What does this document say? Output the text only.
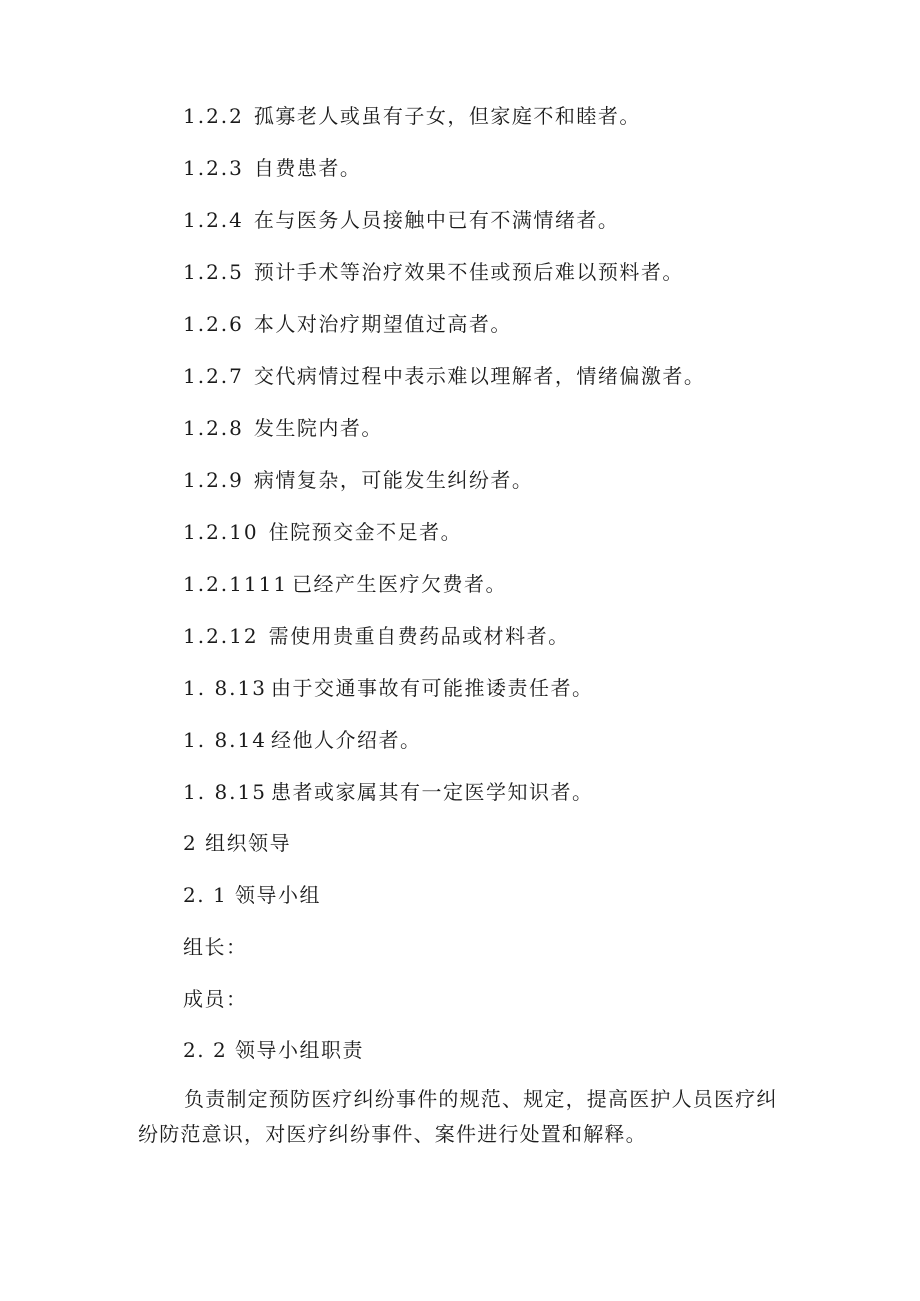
1.2.2 孤寡老人或虽有子女，但家庭不和睦者。
1.2.3 自费患者。
1.2.4 在与医务人员接触中已有不满情绪者。
1.2.5 预计手术等治疗效果不佳或预后难以预料者。
1.2.6 本人对治疗期望值过高者。
1.2.7 交代病情过程中表示难以理解者，情绪偏激者。
1.2.8 发生院内者。
1.2.9 病情复杂，可能发生纠纷者。
1.2.10 住院预交金不足者。
1.2.1111 已经产生医疗欠费者。
1.2.12 需使用贵重自费药品或材料者。
1. 8.13 由于交通事故有可能推诿责任者。
1. 8.14 经他人介绍者。
1. 8.15 患者或家属其有一定医学知识者。
2 组织领导
2. 1 领导小组
组长：
成员：
2. 2 领导小组职责
负责制定预防医疗纠纷事件的规范、规定，提高医护人员医疗纠纷防范意识，对医疗纠纷事件、案件进行处置和解释。
